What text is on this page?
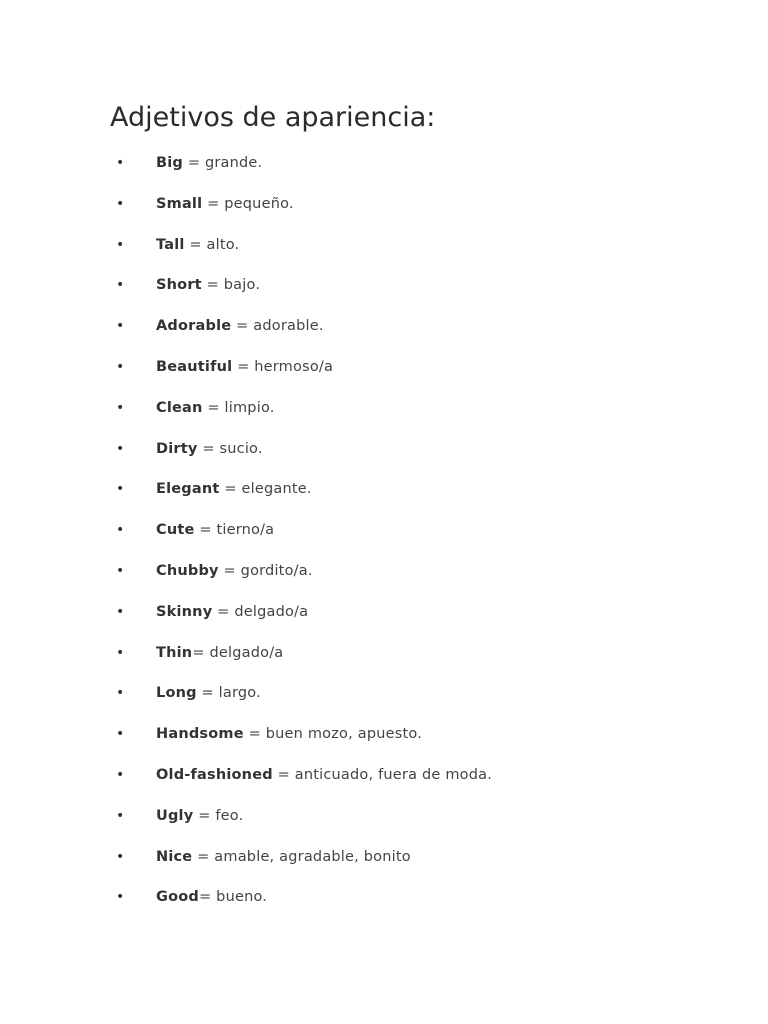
Adjetivos de apariencia:
• Big = grande.
• Small = pequeño.
• Tall = alto.
• Short = bajo.
• Adorable = adorable.
• Beautiful = hermoso/a
• Clean = limpio.
• Dirty = sucio.
• Elegant = elegante.
• Cute = tierno/a
• Chubby = gordito/a.
• Skinny = delgado/a
• Thin= delgado/a
• Long = largo.
• Handsome = buen mozo, apuesto.
• Old-fashioned = anticuado, fuera de moda.
• Ugly = feo.
• Nice = amable, agradable, bonito
• Good= bueno.
